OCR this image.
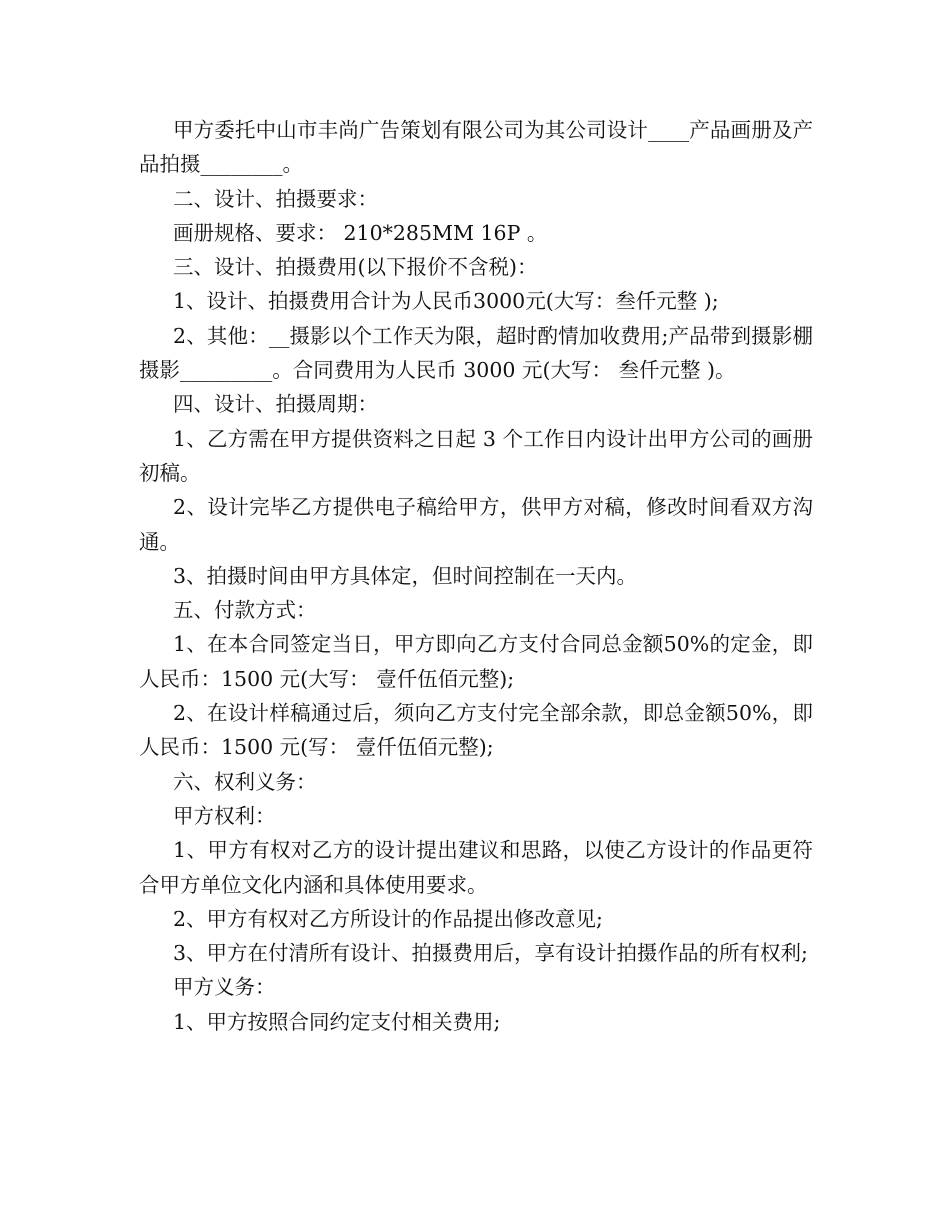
甲方委托中山市丰尚广告策划有限公司为其公司设计____产品画册及产品拍摄________。

二、设计、拍摄要求：

画册规格、要求： 210*285MM 16P 。

三、设计、拍摄费用(以下报价不含税)：

1、设计、拍摄费用合计为人民币3000元(大写：叁仟元整 );

2、其他：__摄影以个工作天为限，超时酌情加收费用;产品带到摄影棚摄影_________。合同费用为人民币 3000 元(大写： 叁仟元整 )。

四、设计、拍摄周期：

1、乙方需在甲方提供资料之日起 3 个工作日内设计出甲方公司的画册初稿。

2、设计完毕乙方提供电子稿给甲方，供甲方对稿，修改时间看双方沟通。

3、拍摄时间由甲方具体定，但时间控制在一天内。

五、付款方式：

1、在本合同签定当日，甲方即向乙方支付合同总金额50%的定金，即人民币：1500 元(大写： 壹仟伍佰元整);

2、在设计样稿通过后，须向乙方支付完全部余款，即总金额50%，即人民币：1500 元(写： 壹仟伍佰元整);

六、权利义务：

甲方权利：

1、甲方有权对乙方的设计提出建议和思路，以使乙方设计的作品更符合甲方单位文化内涵和具体使用要求。

2、甲方有权对乙方所设计的作品提出修改意见;

3、甲方在付清所有设计、拍摄费用后，享有设计拍摄作品的所有权利;

甲方义务：

1、甲方按照合同约定支付相关费用;
